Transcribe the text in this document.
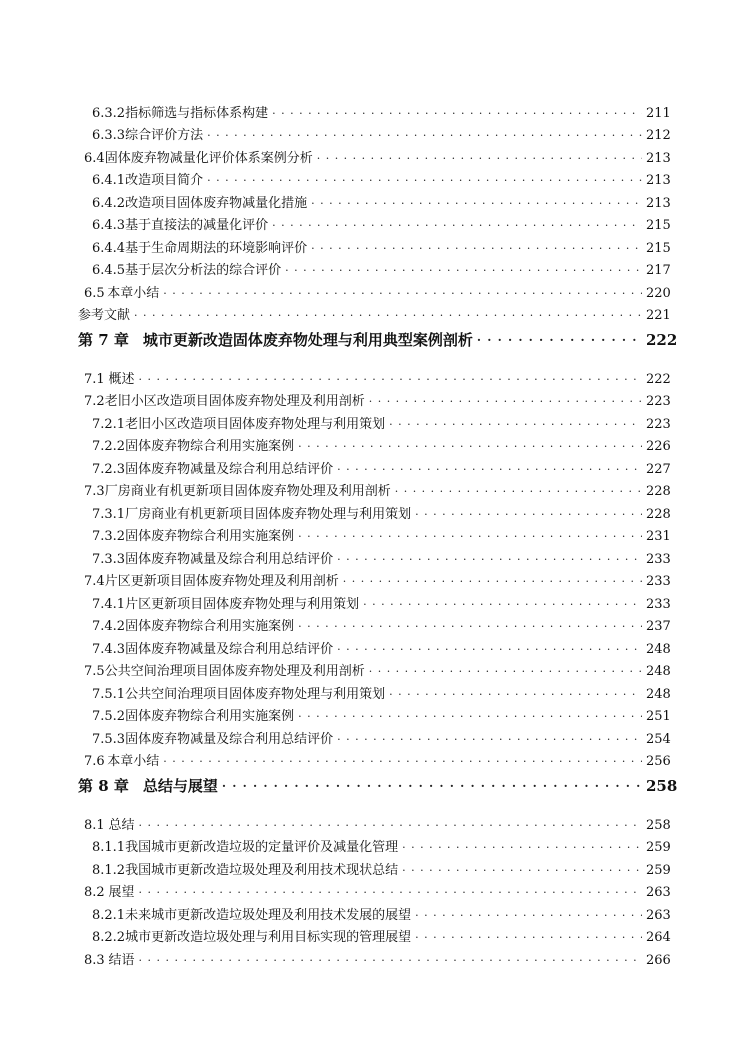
6.3.2 指标筛选与指标体系构建 · · ·	211
6.3.3 综合评价方法 · · ·	212
6.4 固体废弃物减量化评价体系案例分析 · · ·	213
6.4.1 改造项目简介 · · ·	213
6.4.2 改造项目固体废弃物减量化措施 · · ·	213
6.4.3 基于直接法的减量化评价 · · ·	215
6.4.4 基于生命周期法的环境影响评价 · · ·	215
6.4.5 基于层次分析法的综合评价 · · ·	217
6.5 本章小结 · · ·	220
参考文献 · · ·	221
第 7 章 城市更新改造固体废弃物处理与利用典型案例剖析 · · ·	222
7.1 概述 · · ·	222
7.2 老旧小区改造项目固体废弃物处理及利用剖析 · · ·	223
7.2.1 老旧小区改造项目固体废弃物处理与利用策划 · · ·	223
7.2.2 固体废弃物综合利用实施案例 · · ·	226
7.2.3 固体废弃物减量及综合利用总结评价 · · ·	227
7.3 厂房商业有机更新项目固体废弃物处理及利用剖析 · · ·	228
7.3.1 厂房商业有机更新项目固体废弃物处理与利用策划 · · ·	228
7.3.2 固体废弃物综合利用实施案例 · · ·	231
7.3.3 固体废弃物减量及综合利用总结评价 · · ·	233
7.4 片区更新项目固体废弃物处理及利用剖析 · · ·	233
7.4.1 片区更新项目固体废弃物处理与利用策划 · · ·	233
7.4.2 固体废弃物综合利用实施案例 · · ·	237
7.4.3 固体废弃物减量及综合利用总结评价 · · ·	248
7.5 公共空间治理项目固体废弃物处理及利用剖析 · · ·	248
7.5.1 公共空间治理项目固体废弃物处理与利用策划 · · ·	248
7.5.2 固体废弃物综合利用实施案例 · · ·	251
7.5.3 固体废弃物减量及综合利用总结评价 · · ·	254
7.6 本章小结 · · ·	256
第 8 章 总结与展望 · · ·	258
8.1 总结 · · ·	258
8.1.1 我国城市更新改造垃圾的定量评价及减量化管理 · · ·	259
8.1.2 我国城市更新改造垃圾处理及利用技术现状总结 · · ·	259
8.2 展望 · · ·	263
8.2.1 未来城市更新改造垃圾处理及利用技术发展的展望 · · ·	263
8.2.2 城市更新改造垃圾处理与利用目标实现的管理展望 · · ·	264
8.3 结语 · · ·	266
